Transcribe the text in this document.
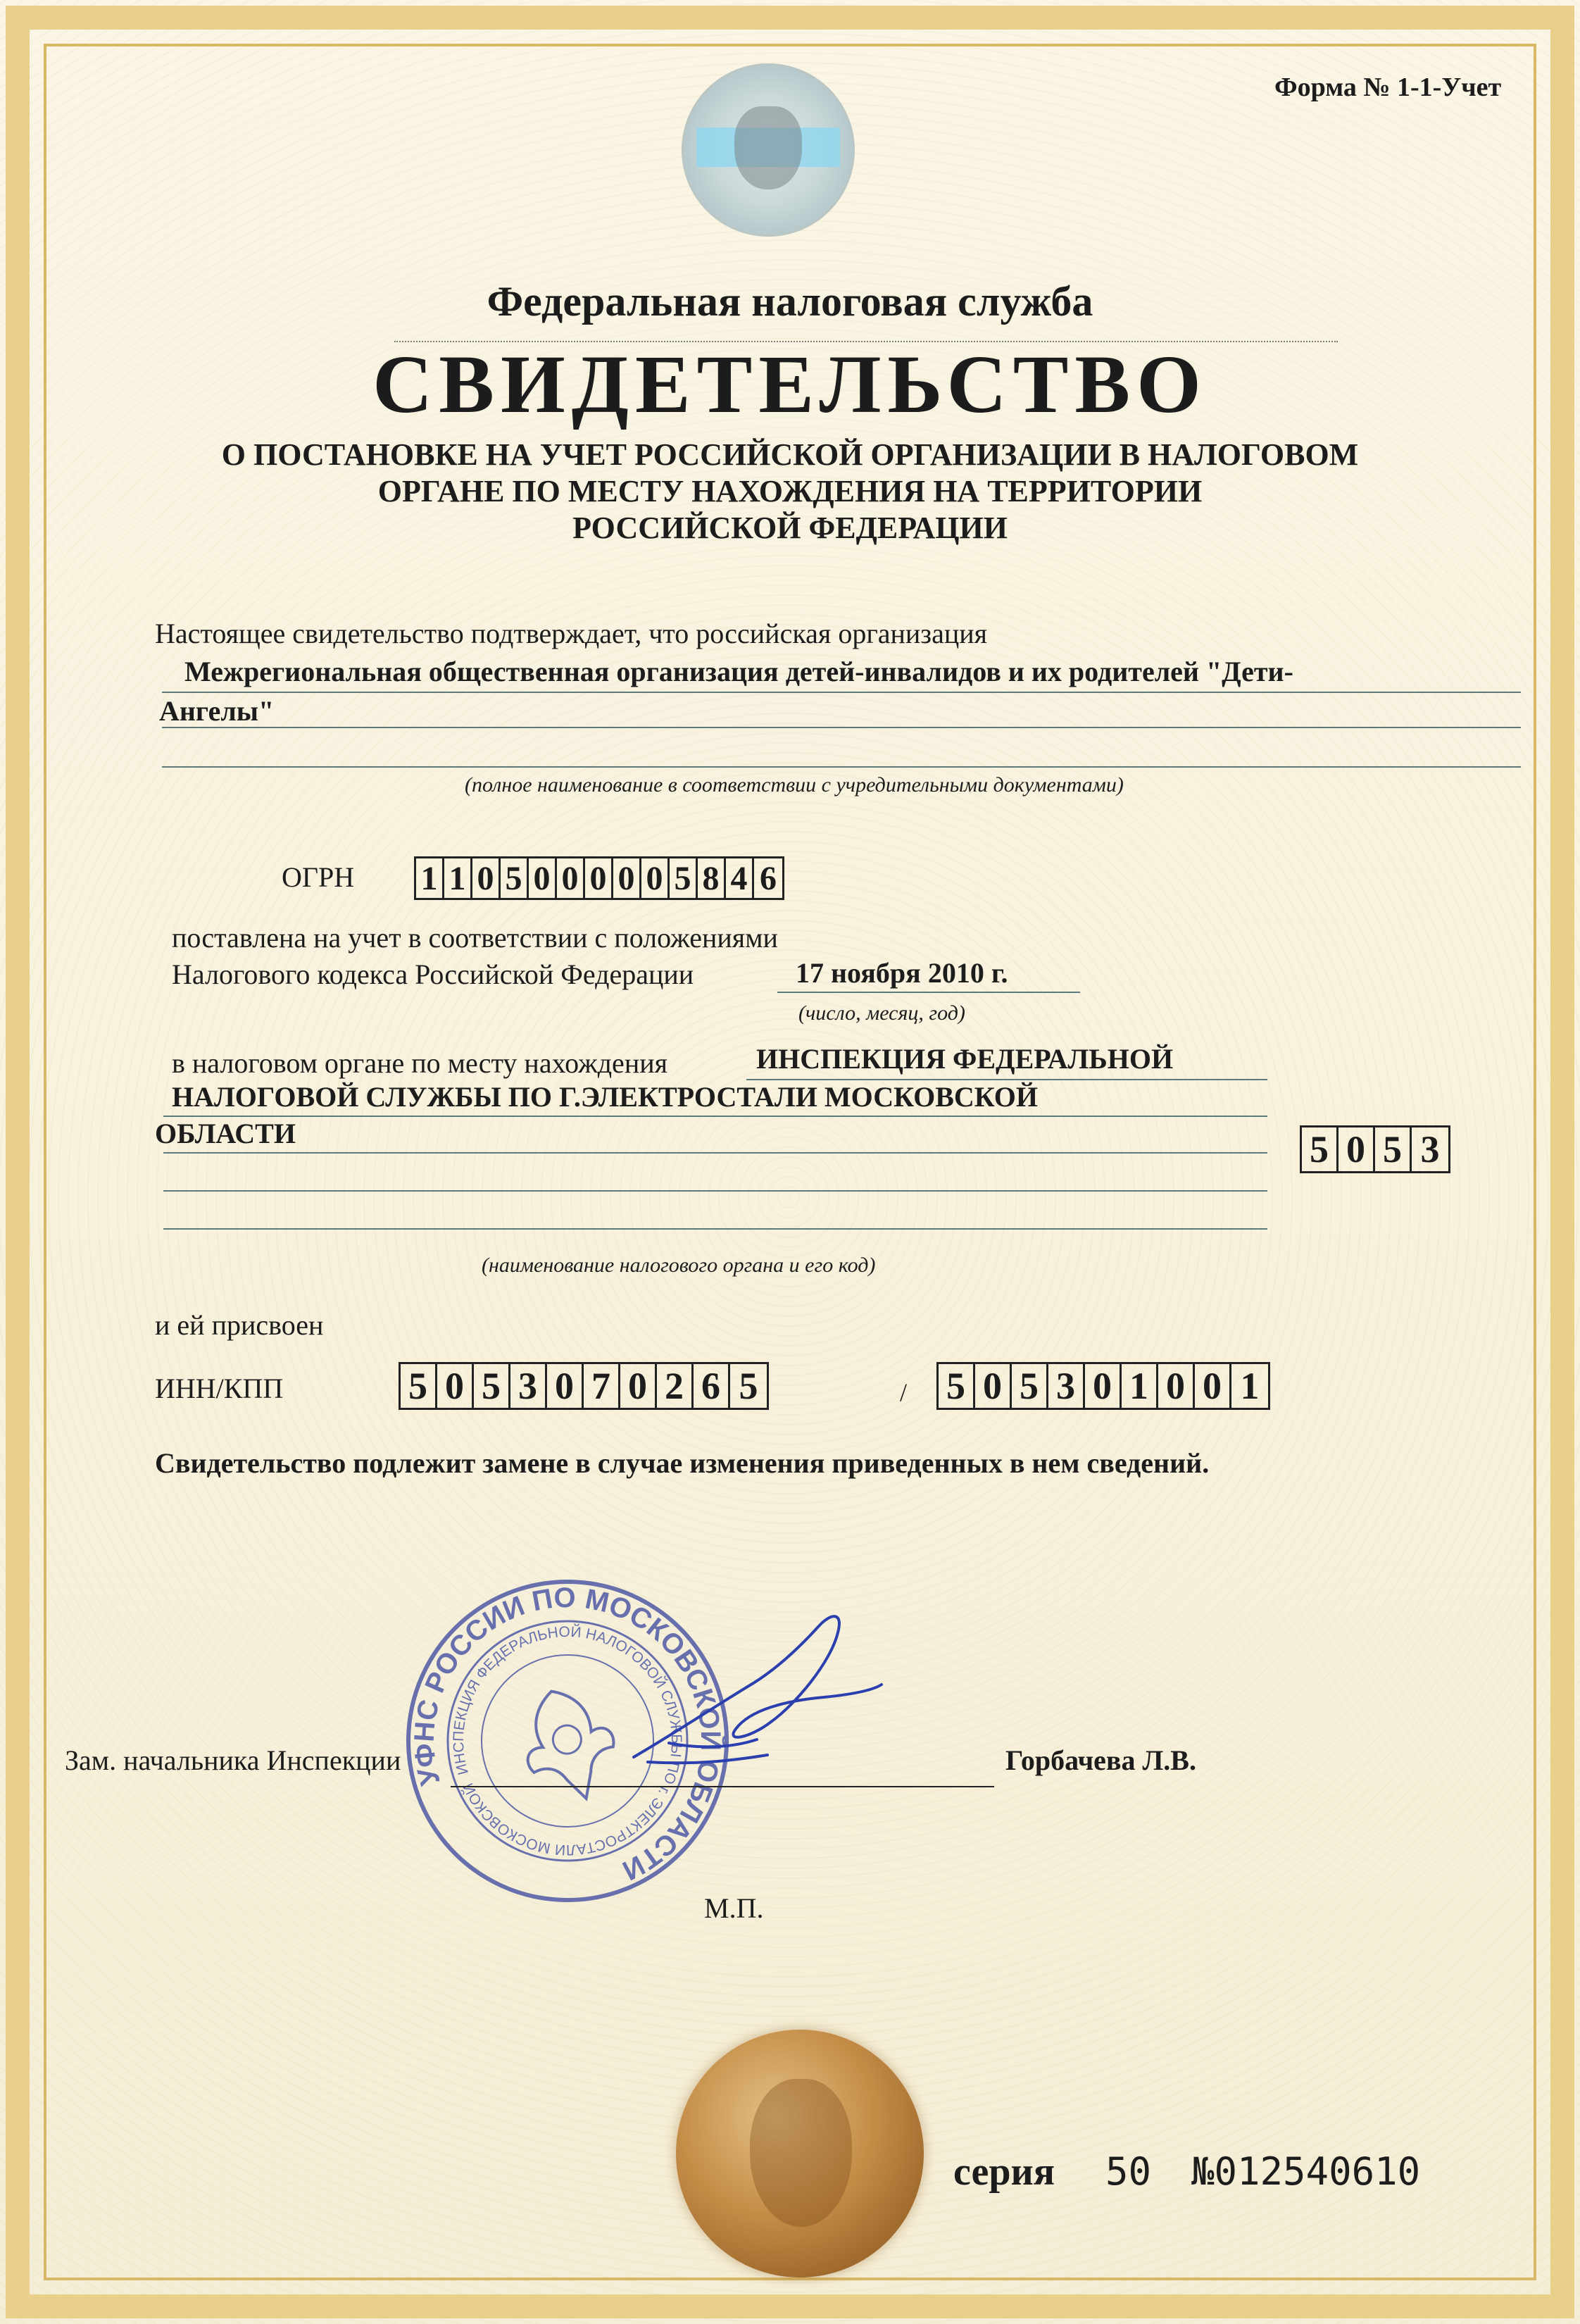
Форма № 1-1-Учет
Федеральная налоговая служба
СВИДЕТЕЛЬСТВО
О ПОСТАНОВКЕ НА УЧЕТ РОССИЙСКОЙ ОРГАНИЗАЦИИ В НАЛОГОВОМ
ОРГАНЕ ПО МЕСТУ НАХОЖДЕНИЯ НА ТЕРРИТОРИИ
РОССИЙСКОЙ ФЕДЕРАЦИИ
Настоящее свидетельство подтверждает, что российская организация
Межрегиональная общественная организация детей-инвалидов и их родителей "Дети-
Ангелы"
(полное наименование в соответствии с учредительными документами)
ОГРН 1 1 0 5 0 0 0 0 0 5 8 4 6
поставлена на учет в соответствии с положениями
Налогового кодекса Российской Федерации	17 ноября 2010 г.
(число, месяц, год)
в налоговом органе по месту нахождения	ИНСПЕКЦИЯ ФЕДЕРАЛЬНОЙ
НАЛОГОВОЙ СЛУЖБЫ ПО Г.ЭЛЕКТРОСТАЛИ МОСКОВСКОЙ
ОБЛАСТИ	5 0 5 3
(наименование налогового органа и его код)
и ей присвоен
ИНН/КПП	5 0 5 3 0 7 0 2 6 5	/ 5 0 5 3 0 1 0 0 1
Свидетельство подлежит замене в случае изменения приведенных в нем сведений.
УФНС РОССИИ ПО МОСКОВСКОЙ ОБЛАСТИ
ИНСПЕКЦИЯ ФЕДЕРАЛЬНОЙ НАЛОГОВОЙ СЛУЖБЫ ПО г. ЭЛЕКТРОСТАЛИ МОСКОВСКОЙ
Зам. начальника Инспекции	Горбачева Л.В.
М.П.
серия 50 №012540610
